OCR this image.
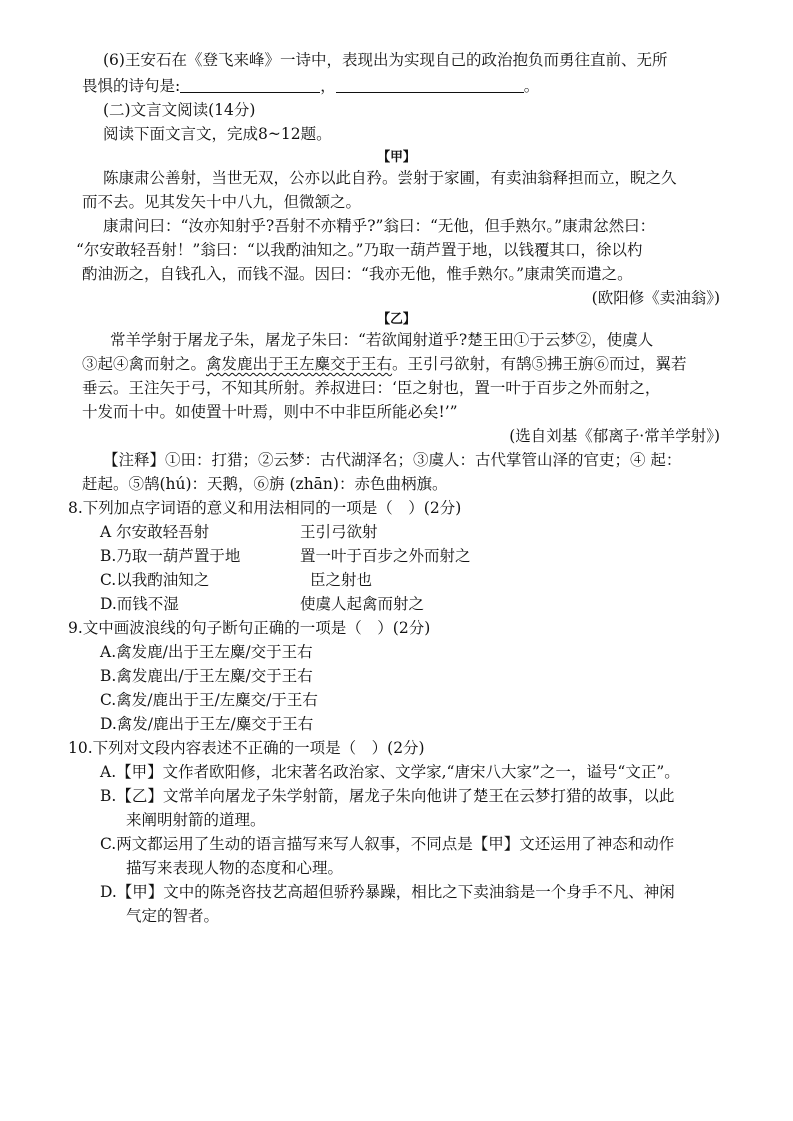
(6)王安石在《登飞来峰》一诗中，表现出为实现自己的政治抱负而勇往直前、无所
畏惧的诗句是:	，	。
(二)文言文阅读(14分)
阅读下面文言文，完成8~12题。
【甲】
陈康肃公善射，当世无双，公亦以此自矜。尝射于家圃，有卖油翁释担而立，睨之久
而不去。见其发矢十中八九，但微颔之。
康肃问曰：“汝亦知射乎?吾射不亦精乎?”翁曰：“无他，但手熟尔。”康肃忿然曰：
“尔安敢轻吾射！”翁曰：“以我酌油知之。”乃取一葫芦置于地，以钱覆其口，徐以杓
酌油沥之，自钱孔入，而钱不湿。因曰：“我亦无他，惟手熟尔。”康肃笑而遣之。
(欧阳修《卖油翁》)
【乙】
常羊学射于屠龙子朱，屠龙子朱曰：“若欲闻射道乎?楚王田①于云梦②，使虞人
③起④禽而射之。禽发鹿出于王左麋交于王右。王引弓欲射，有鹄⑤拂王旃⑥而过，翼若
垂云。王注矢于弓，不知其所射。养叔进曰：‘臣之射也，置一叶于百步之外而射之，
十发而十中。如使置十叶焉，则中不中非臣所能必矣!’”
(选自刘基《郁离子·常羊学射》)
【注释】①田：打猎；②云梦：古代湖泽名；③虞人：古代掌管山泽的官吏；④ 起：
赶起。⑤鹄(hú)：天鹅，⑥旃 (zhān)：赤色曲柄旗。
8.下列加点字词语的意义和用法相同的一项是（　）(2分)
A 尔安敢轻吾射	王引弓欲射
B.乃取一葫芦置于地	置一叶于百步之外而射之
C.以我酌油知之	臣之射也
D.而钱不湿	使虞人起禽而射之
9.文中画波浪线的句子断句正确的一项是（　）(2分)
A.禽发鹿/出于王左麋/交于王右
B.禽发鹿出/于王左麋/交于王右
C.禽发/鹿出于王/左麋交/于王右
D.禽发/鹿出于王左/麋交于王右
10.下列对文段内容表述不正确的一项是（　）(2分)
A.【甲】文作者欧阳修，北宋著名政治家、文学家,“唐宋八大家”之一，谥号“文正”。
B.【乙】文常羊向屠龙子朱学射箭，屠龙子朱向他讲了楚王在云梦打猎的故事，以此
来阐明射箭的道理。
C.两文都运用了生动的语言描写来写人叙事，不同点是【甲】文还运用了神态和动作
描写来表现人物的态度和心理。
D.【甲】文中的陈尧咨技艺高超但骄矜暴躁，相比之下卖油翁是一个身手不凡、神闲
气定的智者。
